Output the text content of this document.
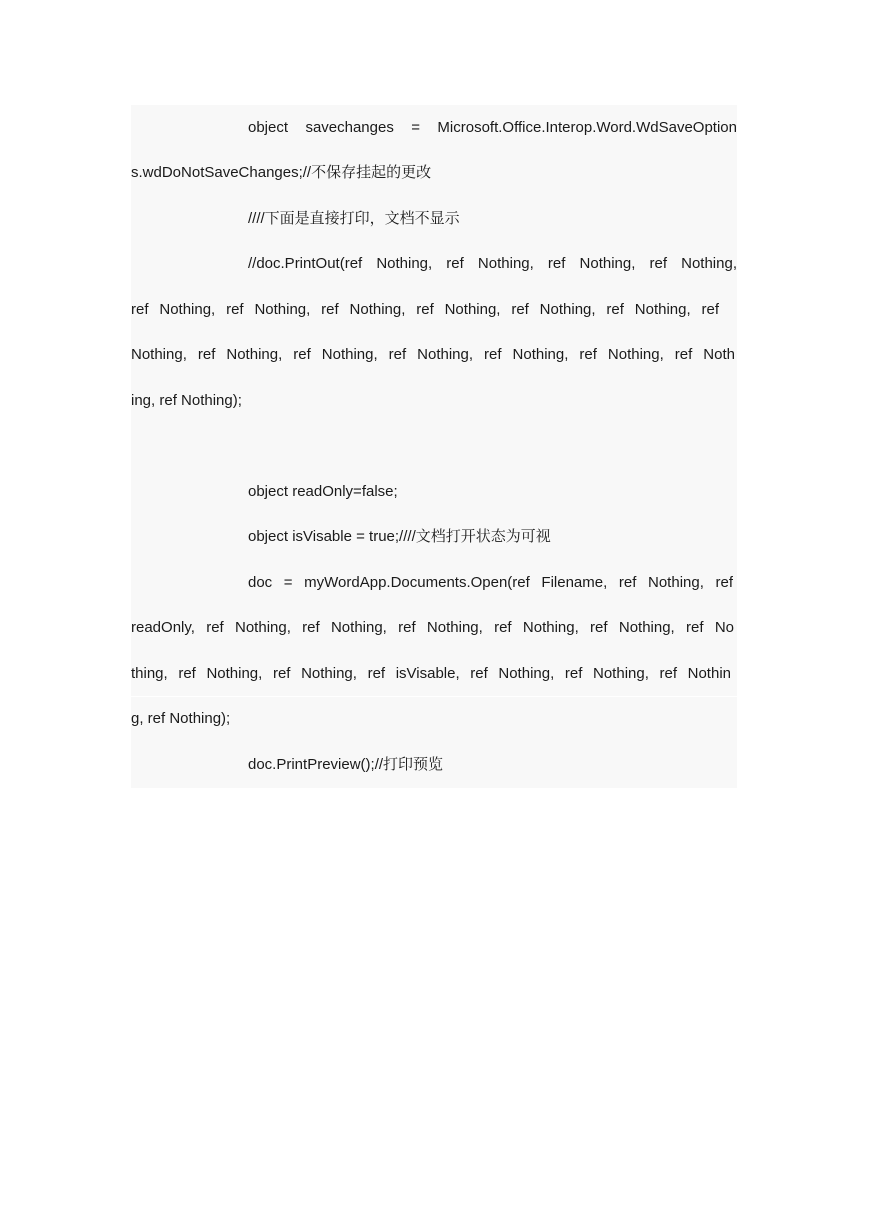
object savechanges = Microsoft.Office.Interop.Word.WdSaveOption
s.wdDoNotSaveChanges;//不保存挂起的更改
////下面是直接打印，文档不显示
//doc.PrintOut(ref Nothing, ref Nothing, ref Nothing, ref Nothing,
ref Nothing, ref Nothing, ref Nothing, ref Nothing, ref Nothing, ref Nothing, ref
Nothing, ref Nothing, ref Nothing, ref Nothing, ref Nothing, ref Nothing, ref Noth
ing, ref Nothing);
object readOnly=false;
object isVisable = true;////文档打开状态为可视
doc = myWordApp.Documents.Open(ref Filename, ref Nothing, ref
readOnly, ref Nothing, ref Nothing, ref Nothing, ref Nothing, ref Nothing, ref No
thing, ref Nothing, ref Nothing, ref isVisable, ref Nothing, ref Nothing, ref Nothin
g, ref Nothing);
doc.PrintPreview();//打印预览
